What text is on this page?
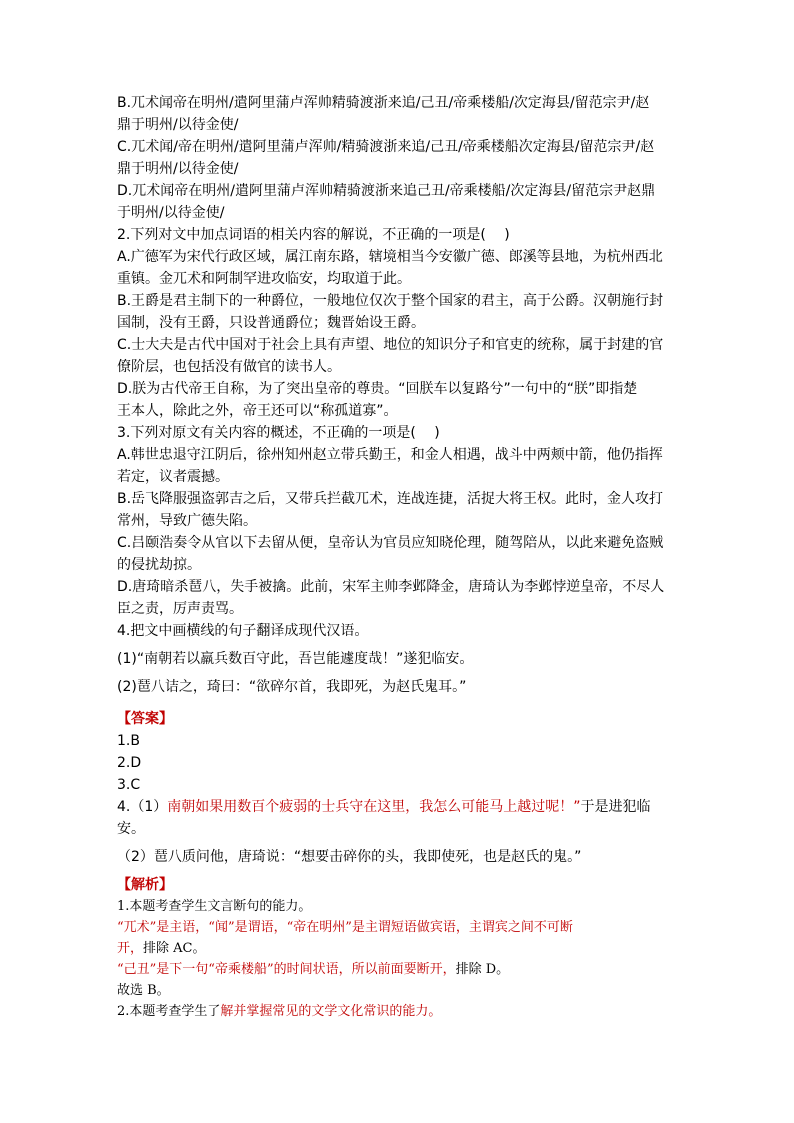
B.兀术闻帝在明州/遣阿里蒲卢浑帅精骑渡浙来追/己丑/帝乘楼船/次定海县/留范宗尹/赵
鼎于明州/以待金使/
C.兀术闻/帝在明州/遣阿里蒲卢浑帅/精骑渡浙来追/己丑/帝乘楼船次定海县/留范宗尹/赵
鼎于明州/以待金使/
D.兀术闻帝在明州/遣阿里蒲卢浑帅精骑渡浙来追己丑/帝乘楼船/次定海县/留范宗尹赵鼎
于明州/以待金使/
2.下列对文中加点词语的相关内容的解说，不正确的一项是(　 )
A.广德军为宋代行政区域，属江南东路，辖境相当今安徽广德、郎溪等县地，为杭州西北
重镇。金兀术和阿制罕进攻临安，均取道于此。
B.王爵是君主制下的一种爵位，一般地位仅次于整个国家的君主，高于公爵。汉朝施行封
国制，没有王爵，只设普通爵位；魏晋始设王爵。
C.士大夫是古代中国对于社会上具有声望、地位的知识分子和官吏的统称，属于封建的官
僚阶层，也包括没有做官的读书人。
D.朕为古代帝王自称，为了突出皇帝的尊贵。“回朕车以复路兮”一句中的“朕”即指楚
王本人，除此之外，帝王还可以“称孤道寡”。
3.下列对原文有关内容的概述，不正确的一项是(　 )
A.韩世忠退守江阴后，徐州知州赵立带兵勤王，和金人相遇，战斗中两颊中箭，他仍指挥
若定，议者震撼。
B.岳飞降服强盗郭吉之后，又带兵拦截兀术，连战连捷，活捉大将王权。此时，金人攻打
常州，导致广德失陷。
C.吕颐浩奏令从官以下去留从便，皇帝认为官员应知晓伦理，随驾陪从，以此来避免盗贼
的侵扰劫掠。
D.唐琦暗杀琶八，失手被擒。此前，宋军主帅李邺降金，唐琦认为李邺悖逆皇帝，不尽人
臣之责，厉声责骂。
4.把文中画横线的句子翻译成现代汉语。
(1)“南朝若以羸兵数百守此，吾岂能遽度哉！”遂犯临安。
(2)琶八诘之，琦曰：“欲碎尔首，我即死，为赵氏鬼耳。”
【答案】
1.B
2.D
3.C
4.（1）南朝如果用数百个疲弱的士兵守在这里，我怎么可能马上越过呢！”于是进犯临
安。
（2）琶八质问他，唐琦说：“想要击碎你的头，我即使死，也是赵氏的鬼。”
【解析】
1.本题考查学生文言断句的能力。
“兀术”是主语，“闻”是谓语，“帝在明州”是主谓短语做宾语，主谓宾之间不可断
开，排除 AC。
“己丑”是下一句“帝乘楼船”的时间状语，所以前面要断开，排除 D。
故选 B。
2.本题考查学生了解并掌握常见的文学文化常识的能力。
